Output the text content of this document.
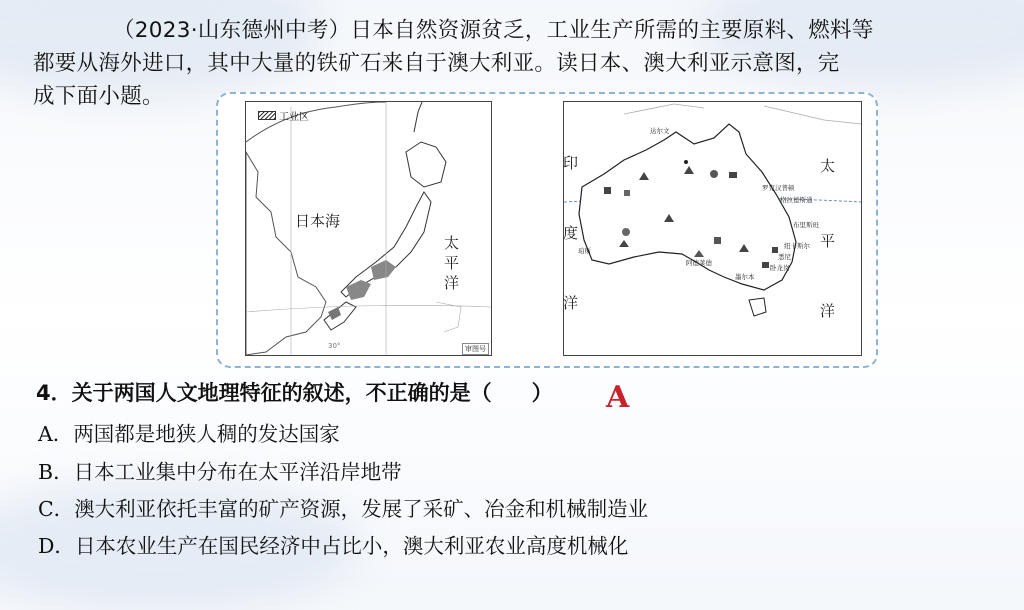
（2023·山东德州中考）日本自然资源贫乏，工业生产所需的主要原料、燃料等
都要从海外进口，其中大量的铁矿石来自于澳大利亚。读日本、澳大利亚示意图，完
成下面小题。
工业区
日本海
太
平
洋
30°	审图号
印
度
洋
太
平
洋
达尔文
罗克汉普顿
格拉德斯通
布里斯班
纽卡斯尔
悉尼
卧龙岗
墨尔本
阿德莱德
珀斯
4．关于两国人文地理特征的叙述，不正确的是（ ） A
A．两国都是地狭人稠的发达国家
B．日本工业集中分布在太平洋沿岸地带
C．澳大利亚依托丰富的矿产资源，发展了采矿、冶金和机械制造业
D．日本农业生产在国民经济中占比小，澳大利亚农业高度机械化
